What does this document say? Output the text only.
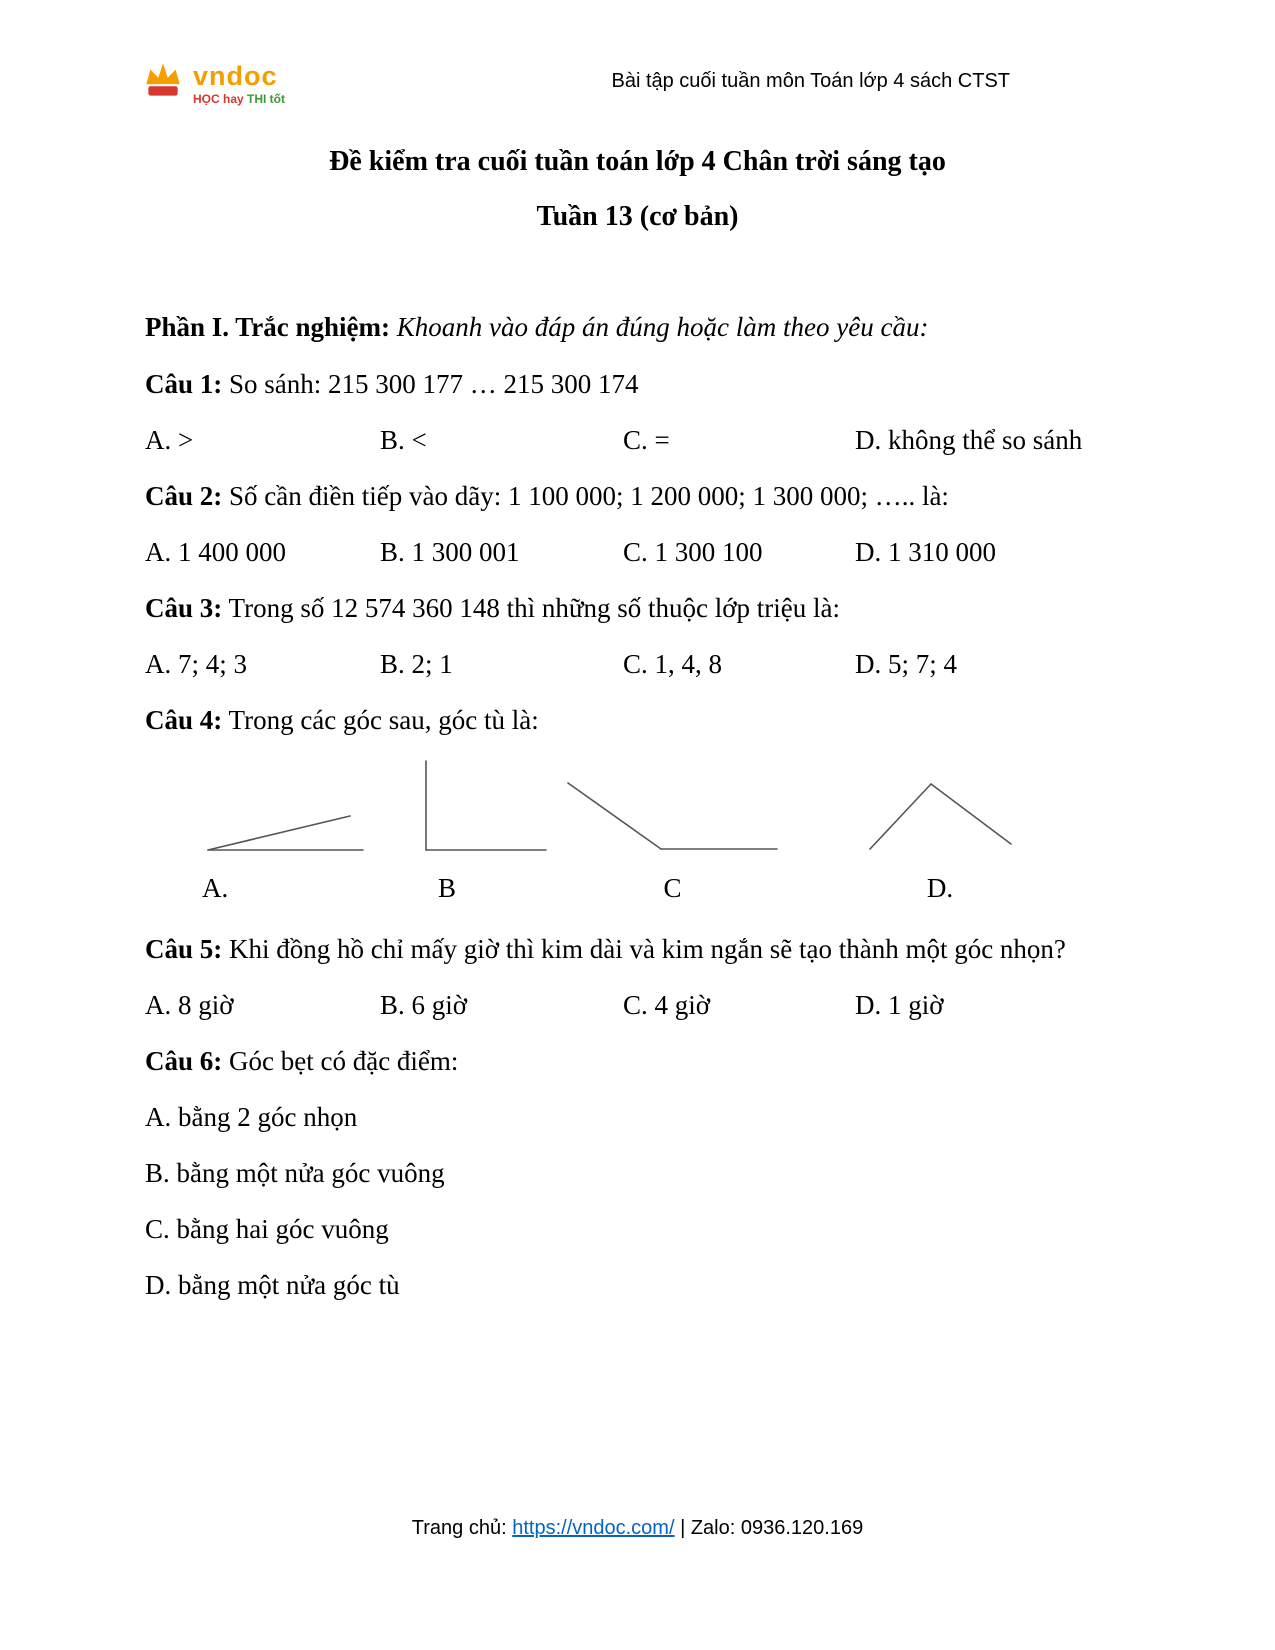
vndoc
HỌC hay THI tốt
Bài tập cuối tuần môn Toán lớp 4 sách CTST
Đề kiểm tra cuối tuần toán lớp 4 Chân trời sáng tạo
Tuần 13 (cơ bản)

Phần I. Trắc nghiệm: Khoanh vào đáp án đúng hoặc làm theo yêu cầu:

Câu 1: So sánh: 215 300 177 … 215 300 174

A. >	B. <	C. =	D. không thể so sánh

Câu 2: Số cần điền tiếp vào dãy: 1 100 000; 1 200 000; 1 300 000; ….. là:

A. 1 400 000	B. 1 300 001	C. 1 300 100	D. 1 310 000

Câu 3: Trong số 12 574 360 148 thì những số thuộc lớp triệu là:

A. 7; 4; 3	B. 2; 1	C. 1, 4, 8	D. 5; 7; 4

Câu 4: Trong các góc sau, góc tù là:

A.	B	C	D.

Câu 5: Khi đồng hồ chỉ mấy giờ thì kim dài và kim ngắn sẽ tạo thành một góc nhọn?

A. 8 giờ	B. 6 giờ	C. 4 giờ	D. 1 giờ

Câu 6: Góc bẹt có đặc điểm:

A. bằng 2 góc nhọn

B. bằng một nửa góc vuông

C. bằng hai góc vuông

D. bằng một nửa góc tù

Trang chủ: https://vndoc.com/ | Zalo: 0936.120.169
